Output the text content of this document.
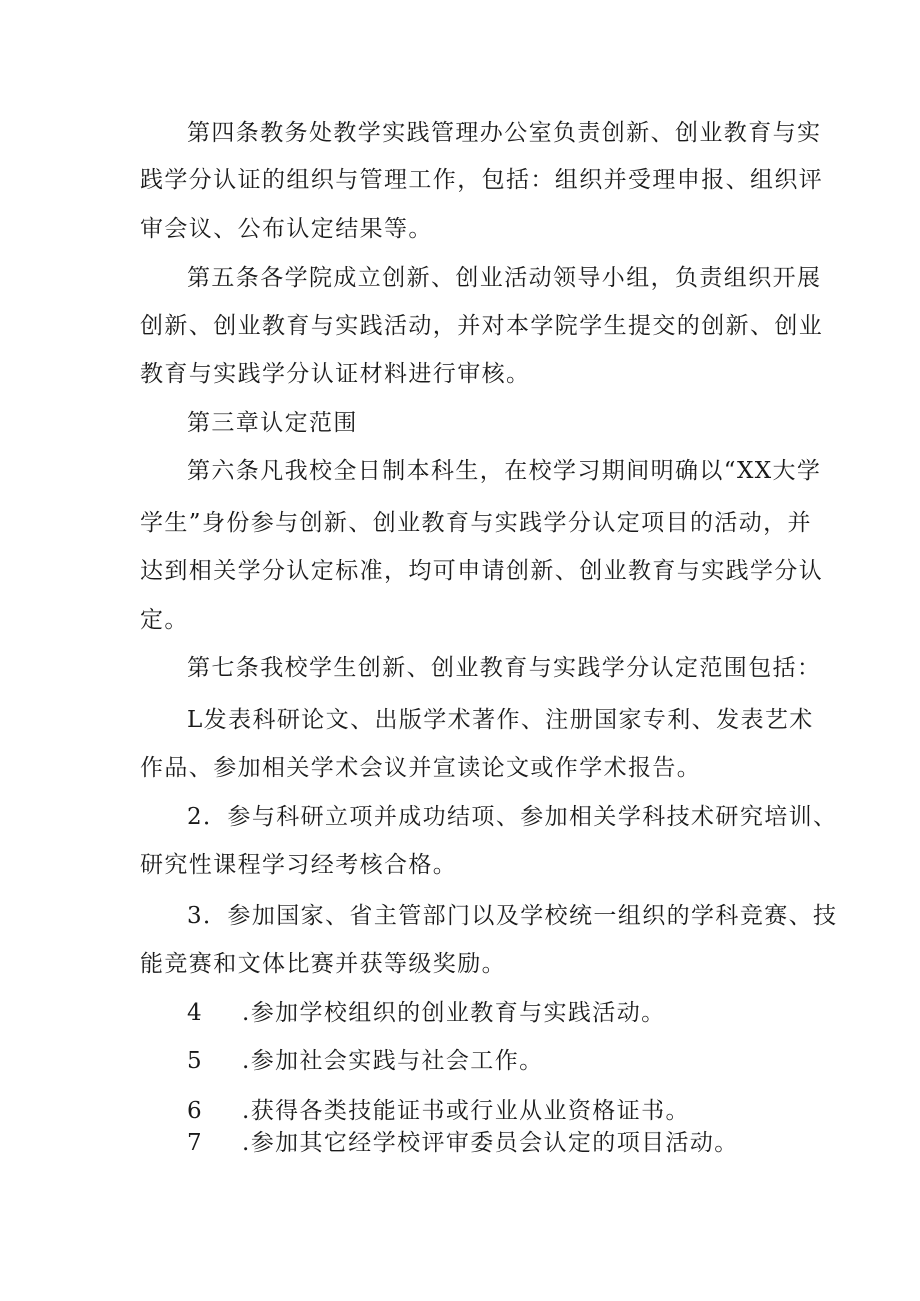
第四条教务处教学实践管理办公室负责创新、创业教育与实
践学分认证的组织与管理工作，包括：组织并受理申报、组织评
审会议、公布认定结果等。
第五条各学院成立创新、创业活动领导小组，负责组织开展
创新、创业教育与实践活动，并对本学院学生提交的创新、创业
教育与实践学分认证材料进行审核。
第三章认定范围
第六条凡我校全日制本科生，在校学习期间明确以“XX大学
学生”身份参与创新、创业教育与实践学分认定项目的活动，并
达到相关学分认定标准，均可申请创新、创业教育与实践学分认
定。
第七条我校学生创新、创业教育与实践学分认定范围包括：
L发表科研论文、出版学术著作、注册国家专利、发表艺术
作品、参加相关学术会议并宣读论文或作学术报告。
2．参与科研立项并成功结项、参加相关学科技术研究培训、
研究性课程学习经考核合格。
3．参加国家、省主管部门以及学校统一组织的学科竞赛、技
能竞赛和文体比赛并获等级奖励。
4 .参加学校组织的创业教育与实践活动。
5 .参加社会实践与社会工作。
6 .获得各类技能证书或行业从业资格证书。
7 .参加其它经学校评审委员会认定的项目活动。
